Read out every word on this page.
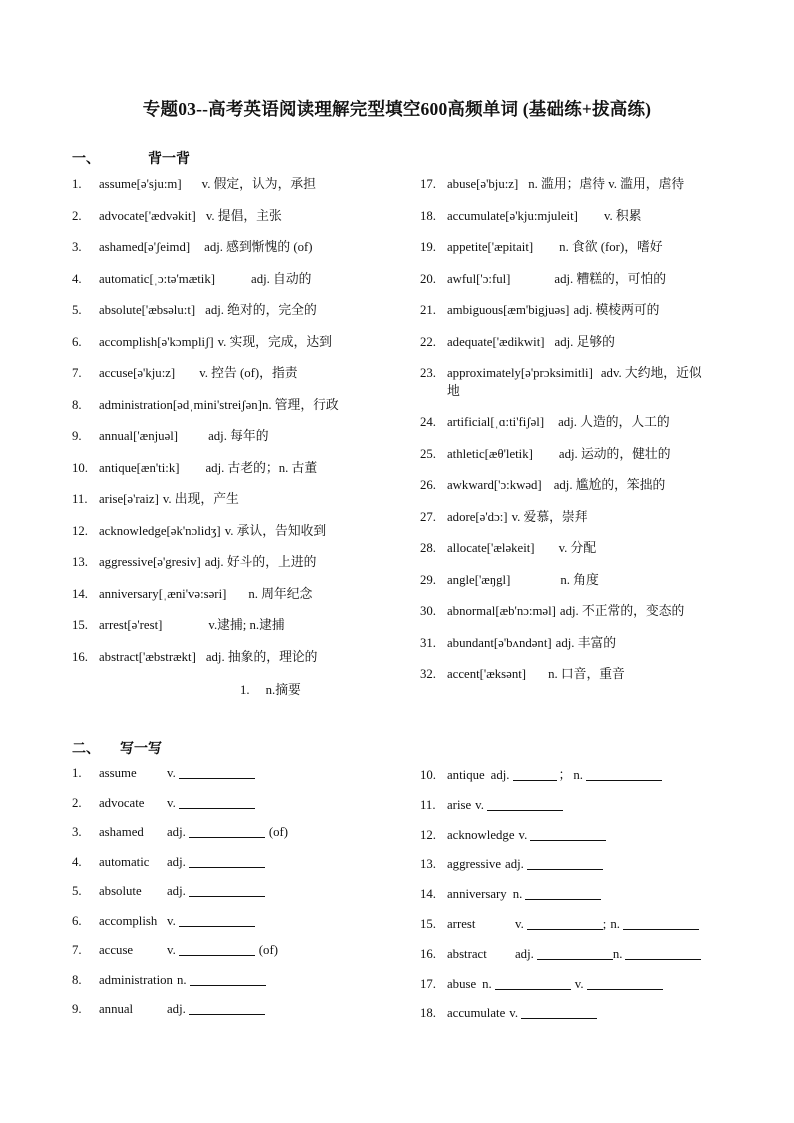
专题03--高考英语阅读理解完型填空600高频单词 (基础练+拔高练)
一、	背一背
1.	assume[ə'sju:m] v. 假定，认为，承担
2.	advocate['ædvəkit] v. 提倡，主张
3.	ashamed[ə'ʃeimd] adj. 感到惭愧的 (of)
4.	automatic[ˌɔ:tə'mætik]	adj. 自动的
5.	absolute['æbsəlu:t] adj. 绝对的，完全的
6.	accomplish[ə'kɔmpliʃ] v. 实现，完成，达到
7.	accuse[ə'kju:z] v. 控告 (of)，指责
8.	administration[ədˌmini'streiʃən]n. 管理，行政
9.	annual['ænjuəl] adj. 每年的
10. antique[æn'ti:k] adj. 古老的；n. 古董
11. arise[ə'raiz] v. 出现，产生
12. acknowledge[ək'nɔlidʒ] v. 承认，告知收到
13. aggressive[ə'gresiv] adj. 好斗的，上进的
14. anniversary[ˌæni'və:səri] n. 周年纪念
15. arrest[ə'rest]	v.逮捕; n.逮捕
16. abstract['æbstrækt] adj. 抽象的，理论的
1. n.摘要
17. abuse[ə'bju:z] n. 滥用；虐待 v. 滥用，虐待
18. accumulate[ə'kju:mjuleit] v. 积累
19. appetite['æpitait] n. 食欲 (for)，嗜好
20. awful['ɔ:ful]	adj. 糟糕的，可怕的
21. ambiguous[æm'bigjuəs] adj. 模棱两可的
22. adequate['ædikwit] adj. 足够的
23. approximately[ə'prɔksimitli] adv. 大约地，近似地
24. artificial[ˌɑ:ti'fiʃəl] adj. 人造的，人工的
25. athletic[æθ'letik] adj. 运动的，健壮的
26. awkward['ɔ:kwəd] adj. 尴尬的，笨拙的
27. adore[ə'dɔ:] v. 爱慕，崇拜
28. allocate['æləkeit] v. 分配
29. angle['æŋgl]	n. 角度
30. abnormal[æb'nɔ:məl] adj. 不正常的，变态的
31. abundant[ə'bʌndənt] adj. 丰富的
32. accent['æksənt] n. 口音，重音
二、 写一写
1.	assume v.
2.	advocate v.
3.	ashamed adj.	(of)
4.	automatic adj.
5.	absolute adj.
6.	accomplish v.
7.	accuse	v.	(of)
8.	administration n.
9.	annual	adj.
10. antique adj.	； n.
11. arise v.
12. acknowledge v.
13. aggressive adj.
14. anniversary n.
15. arrest	v.	; n.
16. abstract adj.	n.
17. abuse n.	v.
18. accumulate v.
